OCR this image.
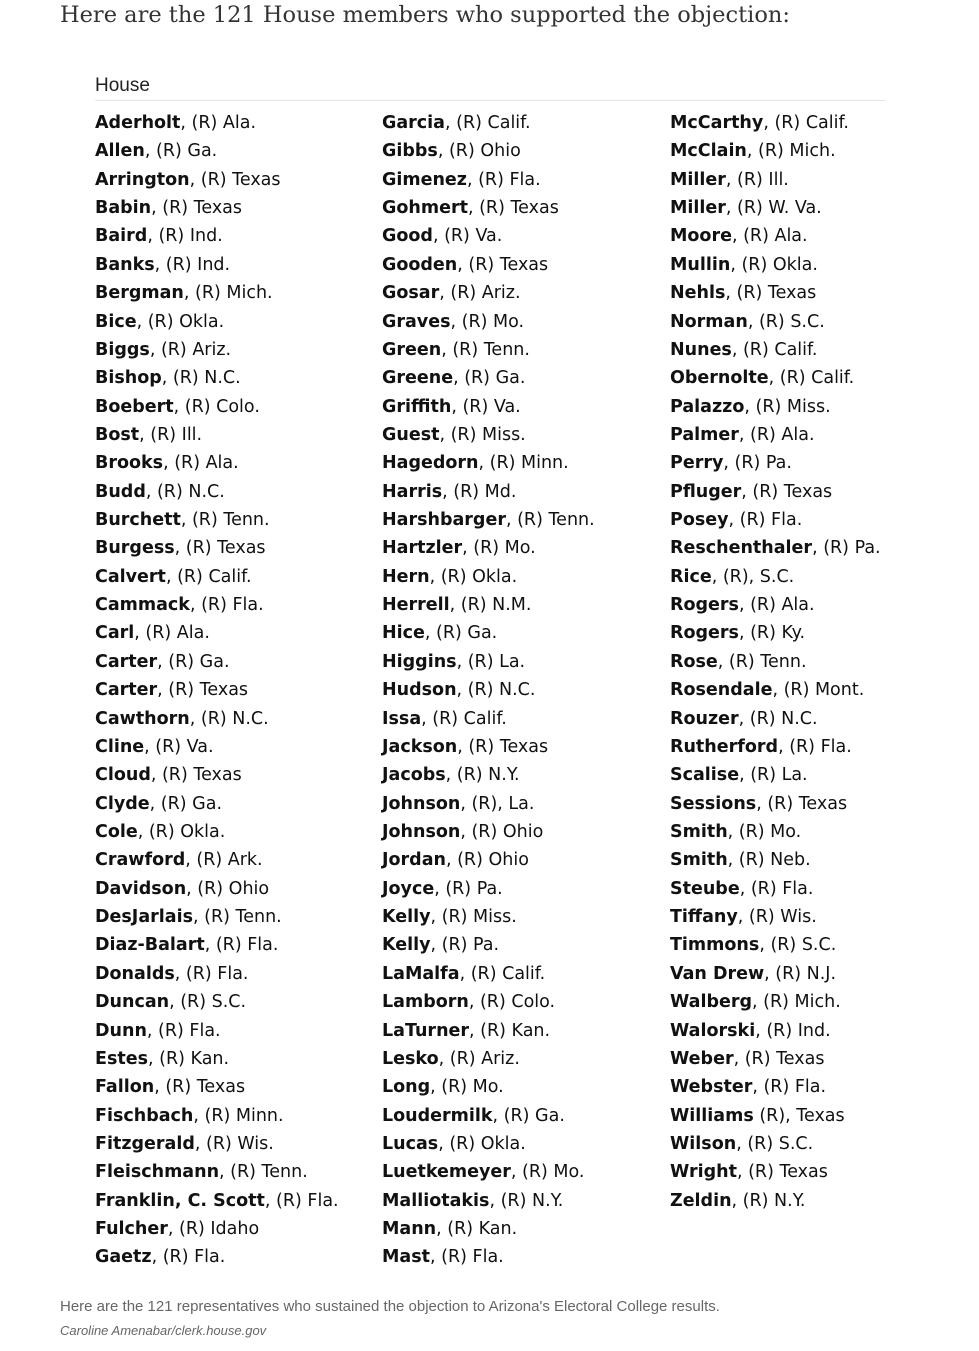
Here are the 121 House members who supported the objection:

House
Aderholt, (R) Ala.
Allen, (R) Ga.
Arrington, (R) Texas
Babin, (R) Texas
Baird, (R) Ind.
Banks, (R) Ind.
Bergman, (R) Mich.
Bice, (R) Okla.
Biggs, (R) Ariz.
Bishop, (R) N.C.
Boebert, (R) Colo.
Bost, (R) Ill.
Brooks, (R) Ala.
Budd, (R) N.C.
Burchett, (R) Tenn.
Burgess, (R) Texas
Calvert, (R) Calif.
Cammack, (R) Fla.
Carl, (R) Ala.
Carter, (R) Ga.
Carter, (R) Texas
Cawthorn, (R) N.C.
Cline, (R) Va.
Cloud, (R) Texas
Clyde, (R) Ga.
Cole, (R) Okla.
Crawford, (R) Ark.
Davidson, (R) Ohio
DesJarlais, (R) Tenn.
Diaz-Balart, (R) Fla.
Donalds, (R) Fla.
Duncan, (R) S.C.
Dunn, (R) Fla.
Estes, (R) Kan.
Fallon, (R) Texas
Fischbach, (R) Minn.
Fitzgerald, (R) Wis.
Fleischmann, (R) Tenn.
Franklin, C. Scott, (R) Fla.
Fulcher, (R) Idaho
Gaetz, (R) Fla.
Garcia, (R) Calif.
Gibbs, (R) Ohio
Gimenez, (R) Fla.
Gohmert, (R) Texas
Good, (R) Va.
Gooden, (R) Texas
Gosar, (R) Ariz.
Graves, (R) Mo.
Green, (R) Tenn.
Greene, (R) Ga.
Griffith, (R) Va.
Guest, (R) Miss.
Hagedorn, (R) Minn.
Harris, (R) Md.
Harshbarger, (R) Tenn.
Hartzler, (R) Mo.
Hern, (R) Okla.
Herrell, (R) N.M.
Hice, (R) Ga.
Higgins, (R) La.
Hudson, (R) N.C.
Issa, (R) Calif.
Jackson, (R) Texas
Jacobs, (R) N.Y.
Johnson, (R), La.
Johnson, (R) Ohio
Jordan, (R) Ohio
Joyce, (R) Pa.
Kelly, (R) Miss.
Kelly, (R) Pa.
LaMalfa, (R) Calif.
Lamborn, (R) Colo.
LaTurner, (R) Kan.
Lesko, (R) Ariz.
Long, (R) Mo.
Loudermilk, (R) Ga.
Lucas, (R) Okla.
Luetkemeyer, (R) Mo.
Malliotakis, (R) N.Y.
Mann, (R) Kan.
Mast, (R) Fla.
McCarthy, (R) Calif.
McClain, (R) Mich.
Miller, (R) Ill.
Miller, (R) W. Va.
Moore, (R) Ala.
Mullin, (R) Okla.
Nehls, (R) Texas
Norman, (R) S.C.
Nunes, (R) Calif.
Obernolte, (R) Calif.
Palazzo, (R) Miss.
Palmer, (R) Ala.
Perry, (R) Pa.
Pfluger, (R) Texas
Posey, (R) Fla.
Reschenthaler, (R) Pa.
Rice, (R), S.C.
Rogers, (R) Ala.
Rogers, (R) Ky.
Rose, (R) Tenn.
Rosendale, (R) Mont.
Rouzer, (R) N.C.
Rutherford, (R) Fla.
Scalise, (R) La.
Sessions, (R) Texas
Smith, (R) Mo.
Smith, (R) Neb.
Steube, (R) Fla.
Tiffany, (R) Wis.
Timmons, (R) S.C.
Van Drew, (R) N.J.
Walberg, (R) Mich.
Walorski, (R) Ind.
Weber, (R) Texas
Webster, (R) Fla.
Williams (R), Texas
Wilson, (R) S.C.
Wright, (R) Texas
Zeldin, (R) N.Y.

Here are the 121 representatives who sustained the objection to Arizona's Electoral College results.

Caroline Amenabar/clerk.house.gov
